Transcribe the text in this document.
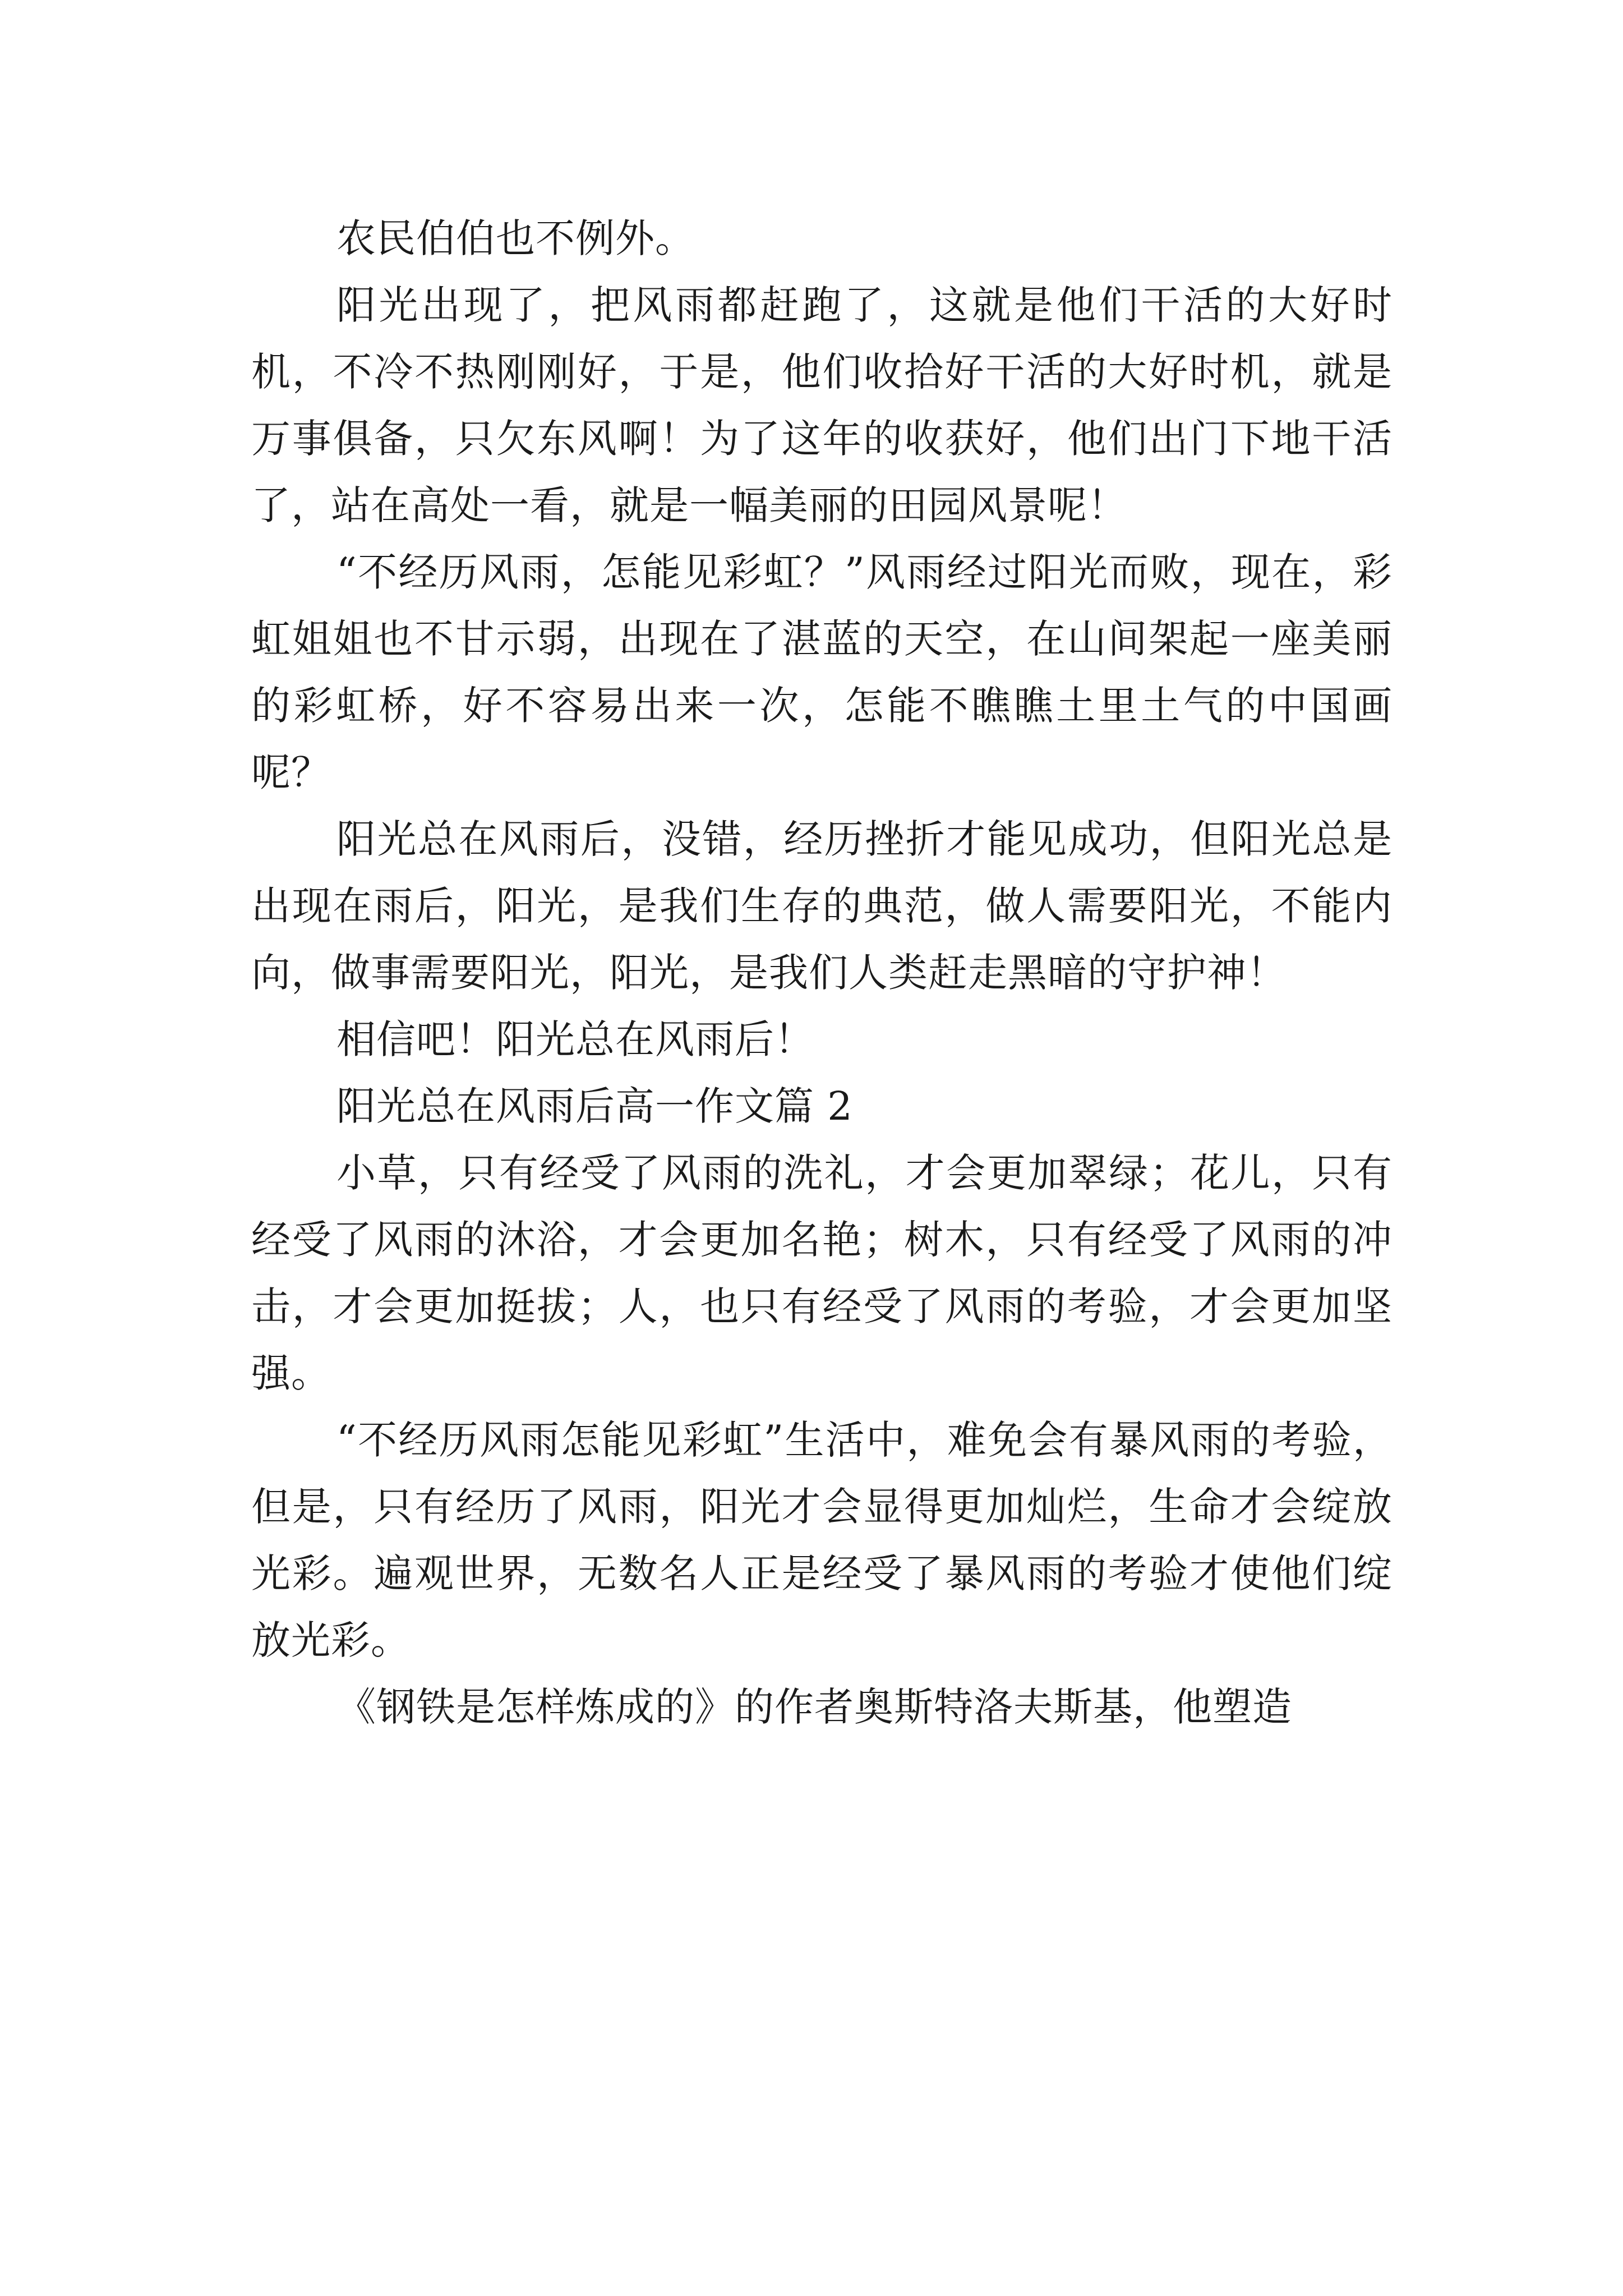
农民伯伯也不例外。

阳光出现了，把风雨都赶跑了，这就是他们干活的大好时机，不冷不热刚刚好，于是，他们收拾好干活的大好时机，就是万事俱备，只欠东风啊！为了这年的收获好，他们出门下地干活了，站在高处一看，就是一幅美丽的田园风景呢！

“不经历风雨，怎能见彩虹？”风雨经过阳光而败，现在，彩虹姐姐也不甘示弱，出现在了湛蓝的天空，在山间架起一座美丽的彩虹桥，好不容易出来一次，怎能不瞧瞧土里土气的中国画呢？

阳光总在风雨后，没错，经历挫折才能见成功，但阳光总是出现在雨后，阳光，是我们生存的典范，做人需要阳光，不能内向，做事需要阳光，阳光，是我们人类赶走黑暗的守护神！

相信吧！阳光总在风雨后！

阳光总在风雨后高一作文篇 2

小草，只有经受了风雨的洗礼，才会更加翠绿；花儿，只有经受了风雨的沐浴，才会更加名艳；树木，只有经受了风雨的冲击，才会更加挺拔；人，也只有经受了风雨的考验，才会更加坚强。

“不经历风雨怎能见彩虹”生活中，难免会有暴风雨的考验，但是，只有经历了风雨，阳光才会显得更加灿烂，生命才会绽放光彩。遍观世界，无数名人正是经受了暴风雨的考验才使他们绽放光彩。

《钢铁是怎样炼成的》的作者奥斯特洛夫斯基，他塑造
